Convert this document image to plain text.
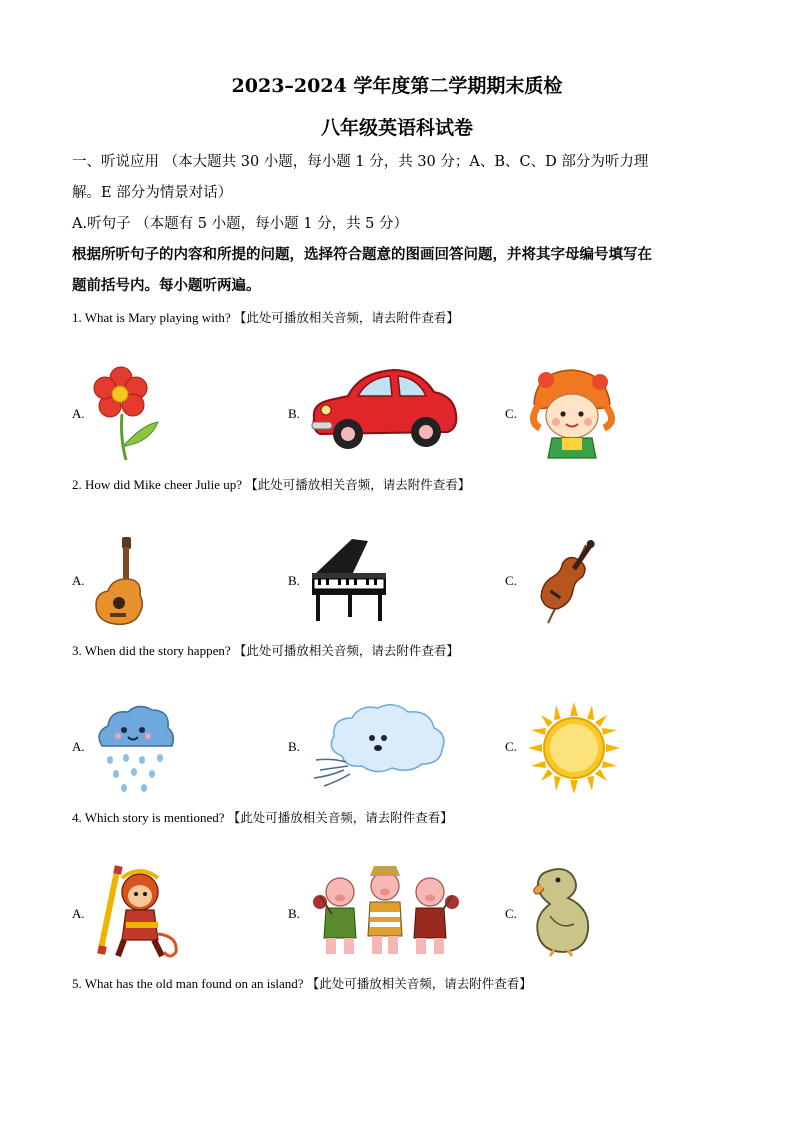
2023–2024 学年度第二学期期末质检
八年级英语科试卷
一、听说应用 （本大题共 30 小题，每小题 1 分，共 30 分；A、B、C、D 部分为听力理
解。E 部分为情景对话）
A.听句子 （本题有 5 小题，每小题 1 分，共 5 分）
根据所听句子的内容和所提的问题，选择符合题意的图画回答问题，并将其字母编号填写在
题前括号内。每小题听两遍。
1. What is Mary playing with? 【此处可播放相关音频，请去附件查看】
A.	B.	C.
2. How did Mike cheer Julie up? 【此处可播放相关音频，请去附件查看】
A.	B.	C.
3. When did the story happen? 【此处可播放相关音频，请去附件查看】
A.	B.	C.
4. Which story is mentioned? 【此处可播放相关音频，请去附件查看】
A.	B.	C.
5. What has the old man found on an island? 【此处可播放相关音频，请去附件查看】
